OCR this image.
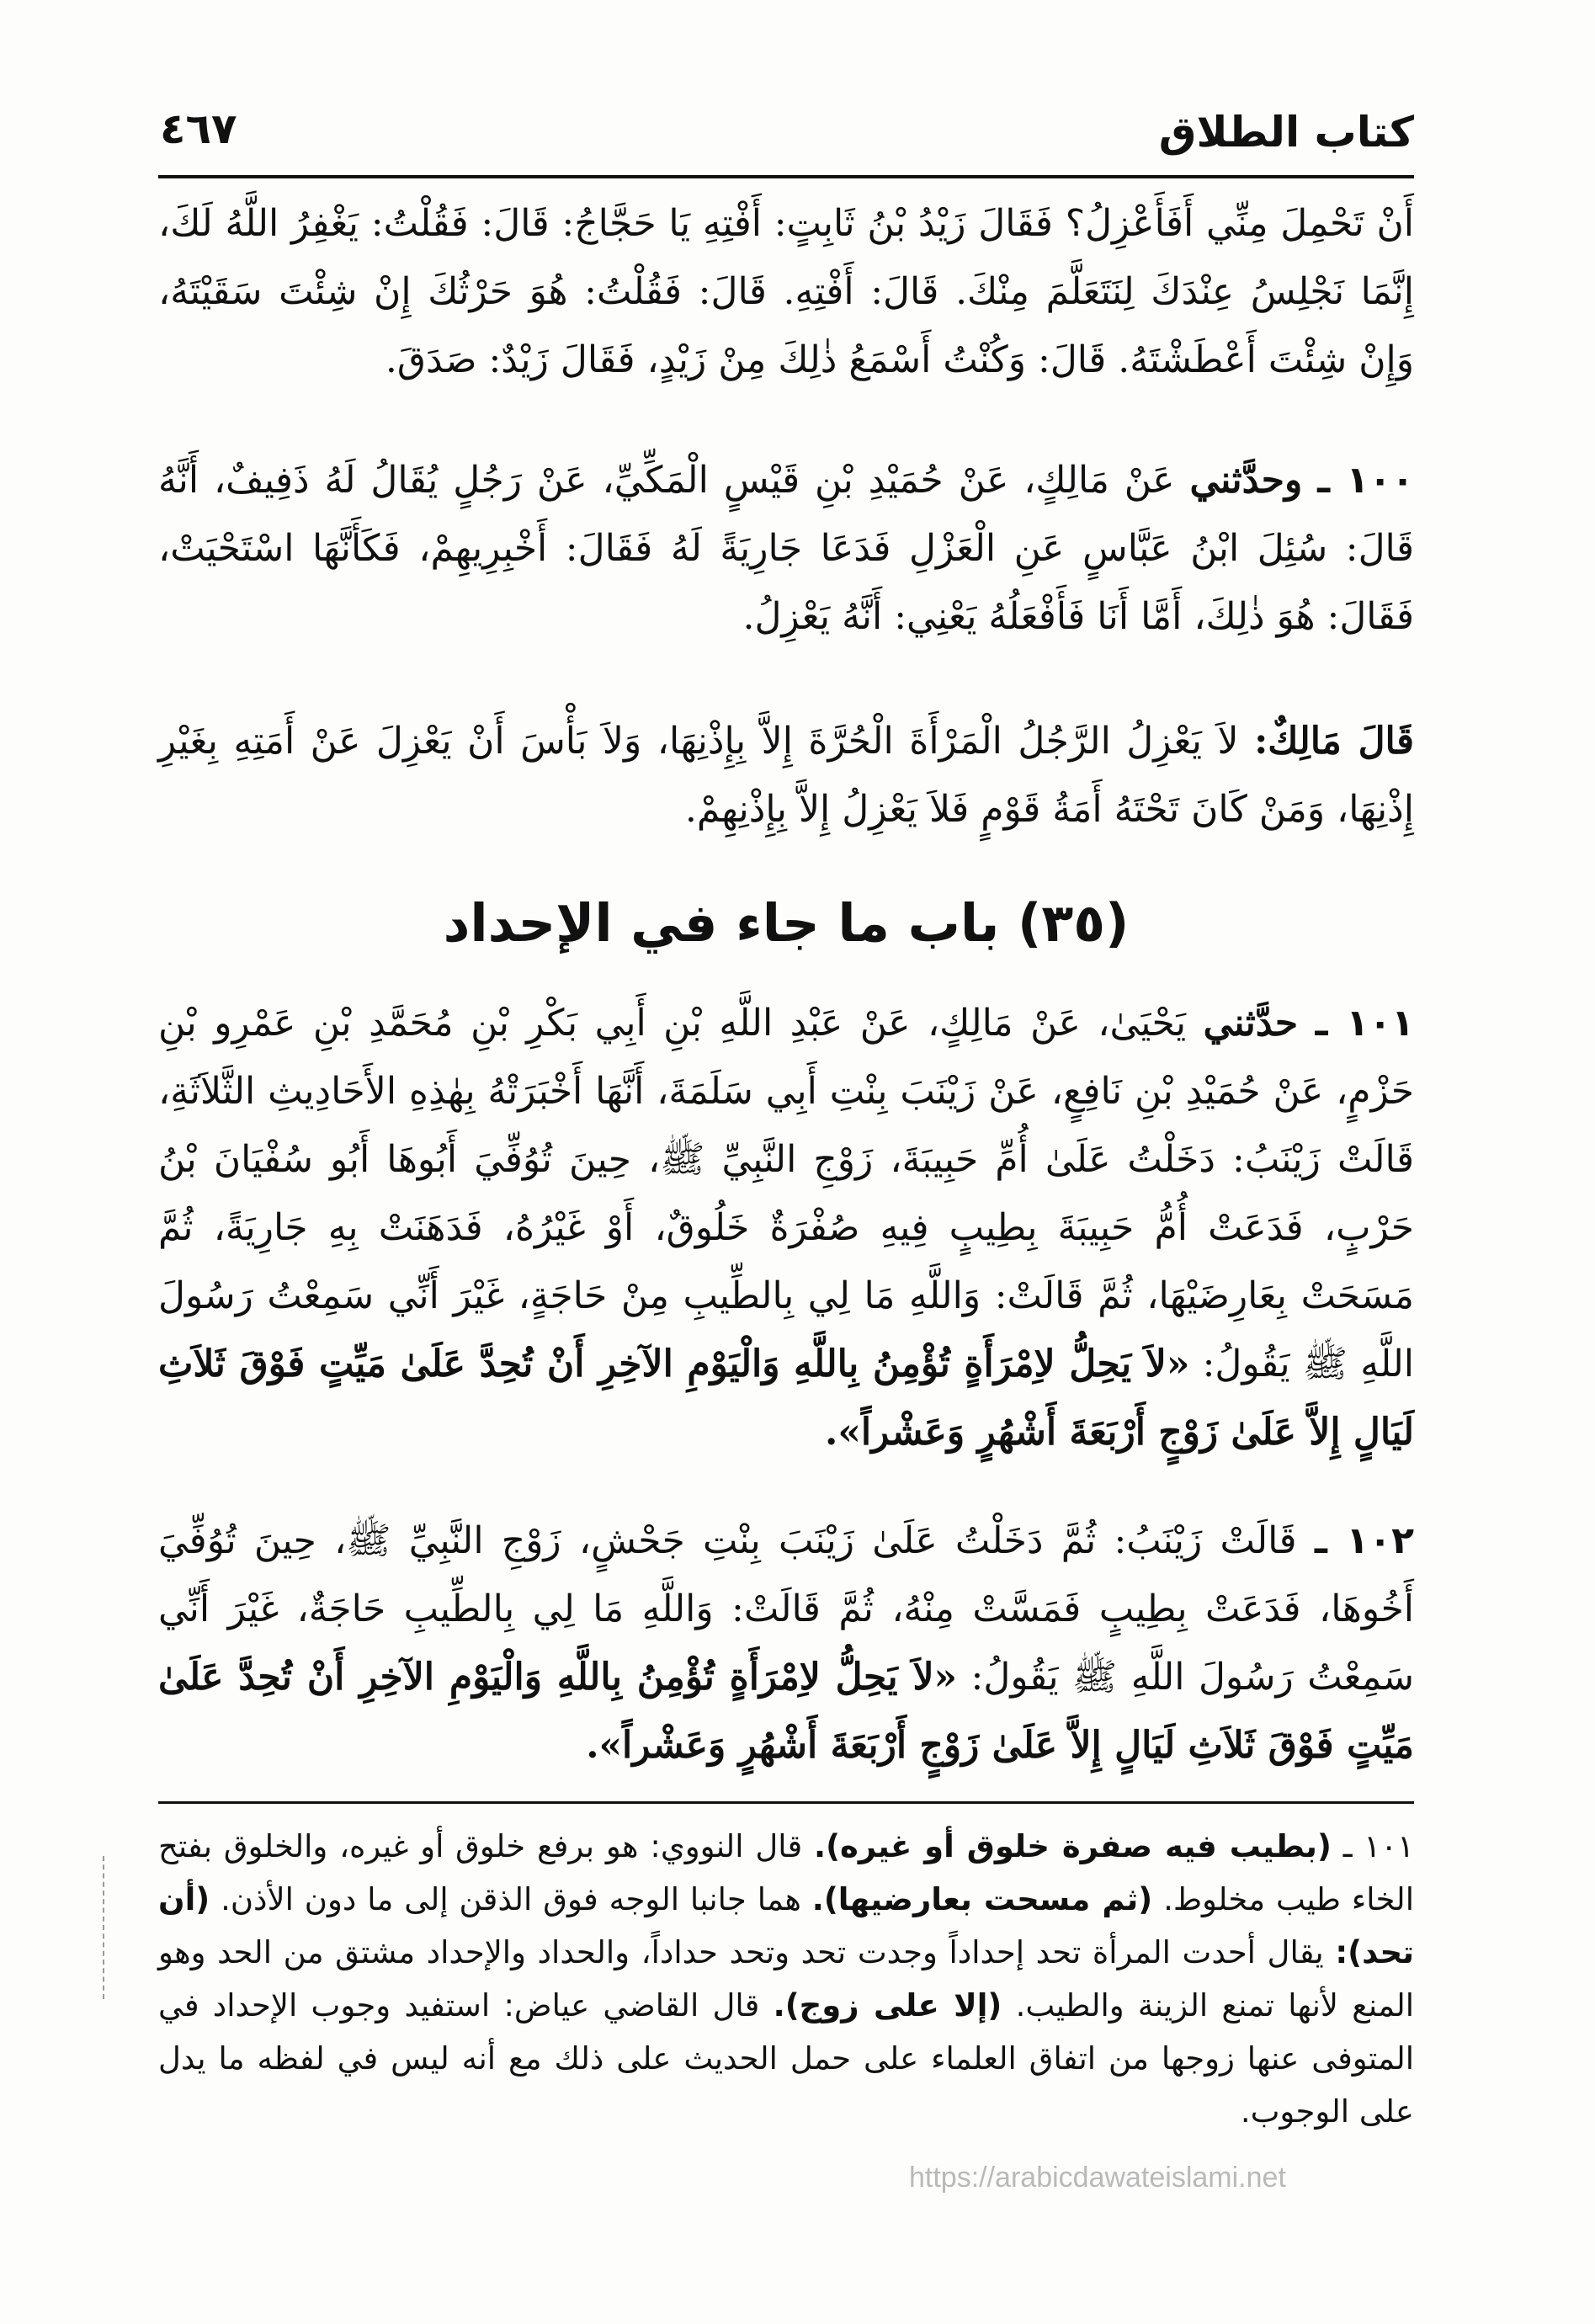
كتاب الطلاق
٤٦٧
أَنْ تَحْمِلَ مِنِّي أَفَأَعْزِلُ؟ فَقَالَ زَيْدُ بْنُ ثَابِتٍ: أَفْتِهِ يَا حَجَّاجُ: قَالَ: فَقُلْتُ: يَغْفِرُ اللَّهُ لَكَ، إِنَّمَا نَجْلِسُ عِنْدَكَ لِنَتَعَلَّمَ مِنْكَ. قَالَ: أَفْتِهِ. قَالَ: فَقُلْتُ: هُوَ حَرْثُكَ إِنْ شِئْتَ سَقَيْتَهُ، وَإِنْ شِئْتَ أَعْطَشْتَهُ. قَالَ: وَكُنْتُ أَسْمَعُ ذٰلِكَ مِنْ زَيْدٍ، فَقَالَ زَيْدٌ: صَدَقَ.
١٠٠ ـ وحدَّثني عَنْ مَالِكٍ، عَنْ حُمَيْدِ بْنِ قَيْسٍ الْمَكِّيِّ، عَنْ رَجُلٍ يُقَالُ لَهُ ذَفِيفٌ، أَنَّهُ قَالَ: سُئِلَ ابْنُ عَبَّاسٍ عَنِ الْعَزْلِ فَدَعَا جَارِيَةً لَهُ فَقَالَ: أَخْبِرِيهِمْ، فَكَأَنَّهَا اسْتَحْيَتْ، فَقَالَ: هُوَ ذٰلِكَ، أَمَّا أَنَا فَأَفْعَلُهُ يَعْنِي: أَنَّهُ يَعْزِلُ.
قَالَ مَالِكٌ: لاَ يَعْزِلُ الرَّجُلُ الْمَرْأَةَ الْحُرَّةَ إِلاَّ بِإِذْنِهَا، وَلاَ بَأْسَ أَنْ يَعْزِلَ عَنْ أَمَتِهِ بِغَيْرِ إِذْنِهَا، وَمَنْ كَانَ تَحْتَهُ أَمَةُ قَوْمٍ فَلاَ يَعْزِلُ إِلاَّ بِإِذْنِهِمْ.
(٣٥) باب ما جاء في الإحداد
١٠١ ـ حدَّثني يَحْيَىٰ، عَنْ مَالِكٍ، عَنْ عَبْدِ اللَّهِ بْنِ أَبِي بَكْرِ بْنِ مُحَمَّدِ بْنِ عَمْرِو بْنِ حَزْمٍ، عَنْ حُمَيْدِ بْنِ نَافِعٍ، عَنْ زَيْنَبَ بِنْتِ أَبِي سَلَمَةَ، أَنَّهَا أَخْبَرَتْهُ بِهٰذِهِ الأَحَادِيثِ الثَّلاَثَةِ، قَالَتْ زَيْنَبُ: دَخَلْتُ عَلَىٰ أُمِّ حَبِيبَةَ، زَوْجِ النَّبِيِّ ﷺ، حِينَ تُوُفِّيَ أَبُوهَا أَبُو سُفْيَانَ بْنُ حَرْبٍ، فَدَعَتْ أُمُّ حَبِيبَةَ بِطِيبٍ فِيهِ صُفْرَةٌ خَلُوقٌ، أَوْ غَيْرُهُ، فَدَهَنَتْ بِهِ جَارِيَةً، ثُمَّ مَسَحَتْ بِعَارِضَيْهَا، ثُمَّ قَالَتْ: وَاللَّهِ مَا لِي بِالطِّيبِ مِنْ حَاجَةٍ، غَيْرَ أَنِّي سَمِعْتُ رَسُولَ اللَّهِ ﷺ يَقُولُ: «لاَ يَحِلُّ لاِمْرَأَةٍ تُؤْمِنُ بِاللَّهِ وَالْيَوْمِ الآخِرِ أَنْ تُحِدَّ عَلَىٰ مَيِّتٍ فَوْقَ ثَلاَثِ لَيَالٍ إِلاَّ عَلَىٰ زَوْجٍ أَرْبَعَةَ أَشْهُرٍ وَعَشْراً».
١٠٢ ـ قَالَتْ زَيْنَبُ: ثُمَّ دَخَلْتُ عَلَىٰ زَيْنَبَ بِنْتِ جَحْشٍ، زَوْجِ النَّبِيِّ ﷺ، حِينَ تُوُفِّيَ أَخُوهَا، فَدَعَتْ بِطِيبٍ فَمَسَّتْ مِنْهُ، ثُمَّ قَالَتْ: وَاللَّهِ مَا لِي بِالطِّيبِ حَاجَةٌ، غَيْرَ أَنِّي سَمِعْتُ رَسُولَ اللَّهِ ﷺ يَقُولُ: «لاَ يَحِلُّ لاِمْرَأَةٍ تُؤْمِنُ بِاللَّهِ وَالْيَوْمِ الآخِرِ أَنْ تُحِدَّ عَلَىٰ مَيِّتٍ فَوْقَ ثَلاَثِ لَيَالٍ إِلاَّ عَلَىٰ زَوْجٍ أَرْبَعَةَ أَشْهُرٍ وَعَشْراً».
١٠١ ـ (بطيب فيه صفرة خلوق أو غيره). قال النووي: هو برفع خلوق أو غيره، والخلوق بفتح الخاء طيب مخلوط. (ثم مسحت بعارضيها). هما جانبا الوجه فوق الذقن إلى ما دون الأذن. (أن تحد): يقال أحدت المرأة تحد إحداداً وجدت تحد وتحد حداداً، والحداد والإحداد مشتق من الحد وهو المنع لأنها تمنع الزينة والطيب. (إلا على زوج). قال القاضي عياض: استفيد وجوب الإحداد في المتوفى عنها زوجها من اتفاق العلماء على حمل الحديث على ذلك مع أنه ليس في لفظه ما يدل على الوجوب.
https://arabicdawateislami.net
